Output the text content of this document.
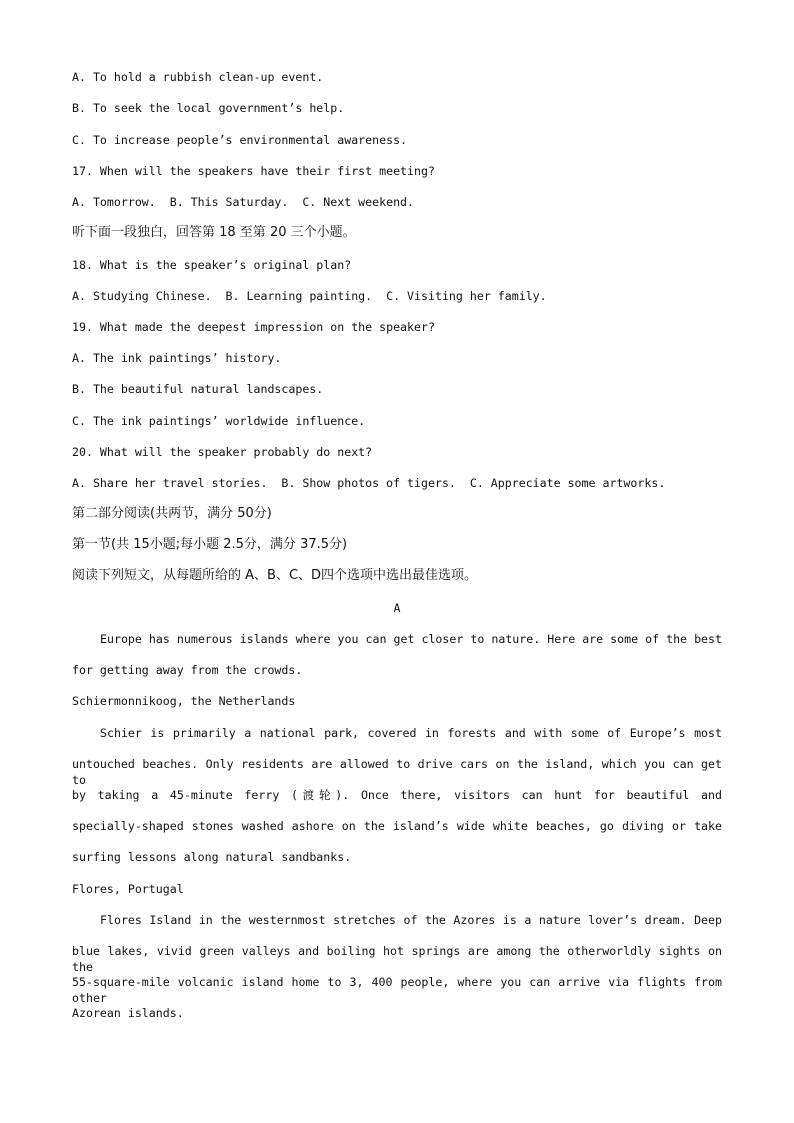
A. To hold a rubbish clean-up event.
B. To seek the local government’s help.
C. To increase people’s environmental awareness.
17. When will the speakers have their first meeting?
A. Tomorrow.  B. This Saturday.  C. Next weekend.
听下面一段独白，回答第 18 至第 20 三个小题。
18. What is the speaker’s original plan?
A. Studying Chinese.  B. Learning painting.  C. Visiting her family.
19. What made the deepest impression on the speaker?
A. The ink paintings’ history.
B. The beautiful natural landscapes.
C. The ink paintings’ worldwide influence.
20. What will the speaker probably do next?
A. Share her travel stories.  B. Show photos of tigers.  C. Appreciate some artworks.
第二部分阅读(共两节，满分 50分)
第一节(共 15小题;每小题 2.5分，满分 37.5分)
阅读下列短文，从每题所给的 A、B、C、D四个选项中选出最佳选项。
A
Europe has numerous islands where you can get closer to nature. Here are some of the best
for getting away from the crowds.
Schiermonnikoog, the Netherlands
Schier is primarily a national park, covered in forests and with some of Europe’s most
untouched beaches. Only residents are allowed to drive cars on the island, which you can get to
by taking a 45-minute ferry (渡轮). Once there, visitors can hunt for beautiful and
specially-shaped stones washed ashore on the island’s wide white beaches, go diving or take
surfing lessons along natural sandbanks.
Flores, Portugal
Flores Island in the westernmost stretches of the Azores is a nature lover’s dream. Deep
blue lakes, vivid green valleys and boiling hot springs are among the otherworldly sights on the
55-square-mile volcanic island home to 3, 400 people, where you can arrive via flights from other
Azorean islands.
